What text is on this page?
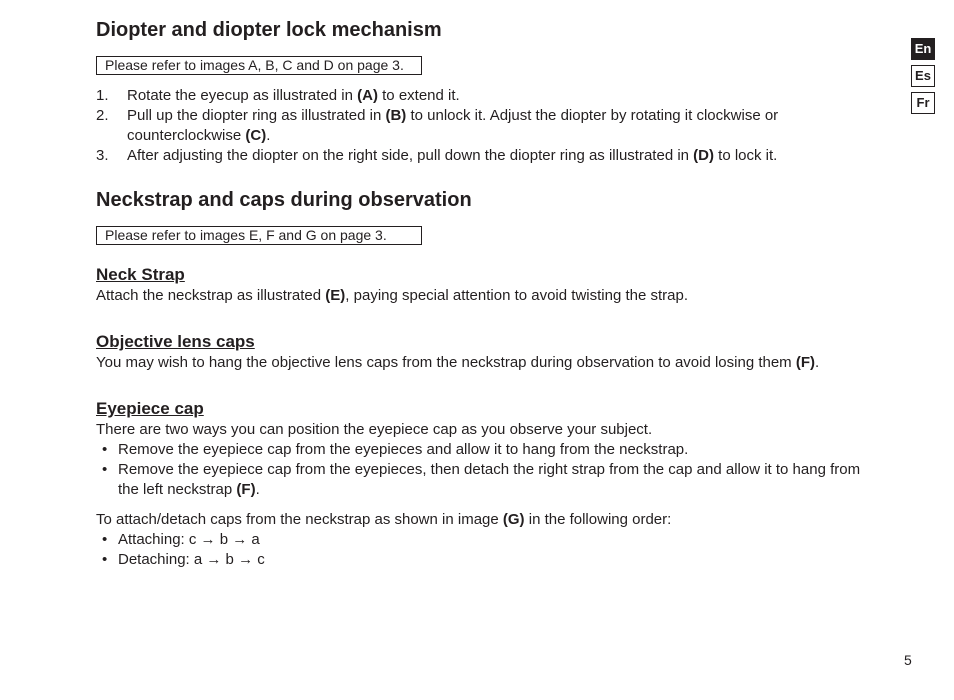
En
Es
Fr
Diopter and diopter lock mechanism
Please refer to images A, B, C and D on page 3.
1. Rotate the eyecup as illustrated in (A) to extend it.
2. Pull up the diopter ring as illustrated in (B) to unlock it. Adjust the diopter by rotating it clockwise or counterclockwise (C).
3. After adjusting the diopter on the right side, pull down the diopter ring as illustrated in (D) to lock it.
Neckstrap and caps during observation
Please refer to images E, F and G on page 3.
Neck Strap
Attach the neckstrap as illustrated (E), paying special attention to avoid twisting the strap.
Objective lens caps
You may wish to hang the objective lens caps from the neckstrap during observation to avoid losing them (F).
Eyepiece cap
There are two ways you can position the eyepiece cap as you observe your subject.
• Remove the eyepiece cap from the eyepieces and allow it to hang from the neckstrap.
• Remove the eyepiece cap from the eyepieces, then detach the right strap from the cap and allow it to hang from the left neckstrap (F).
To attach/detach caps from the neckstrap as shown in image (G) in the following order:
• Attaching: c → b → a
• Detaching: a → b → c
5
